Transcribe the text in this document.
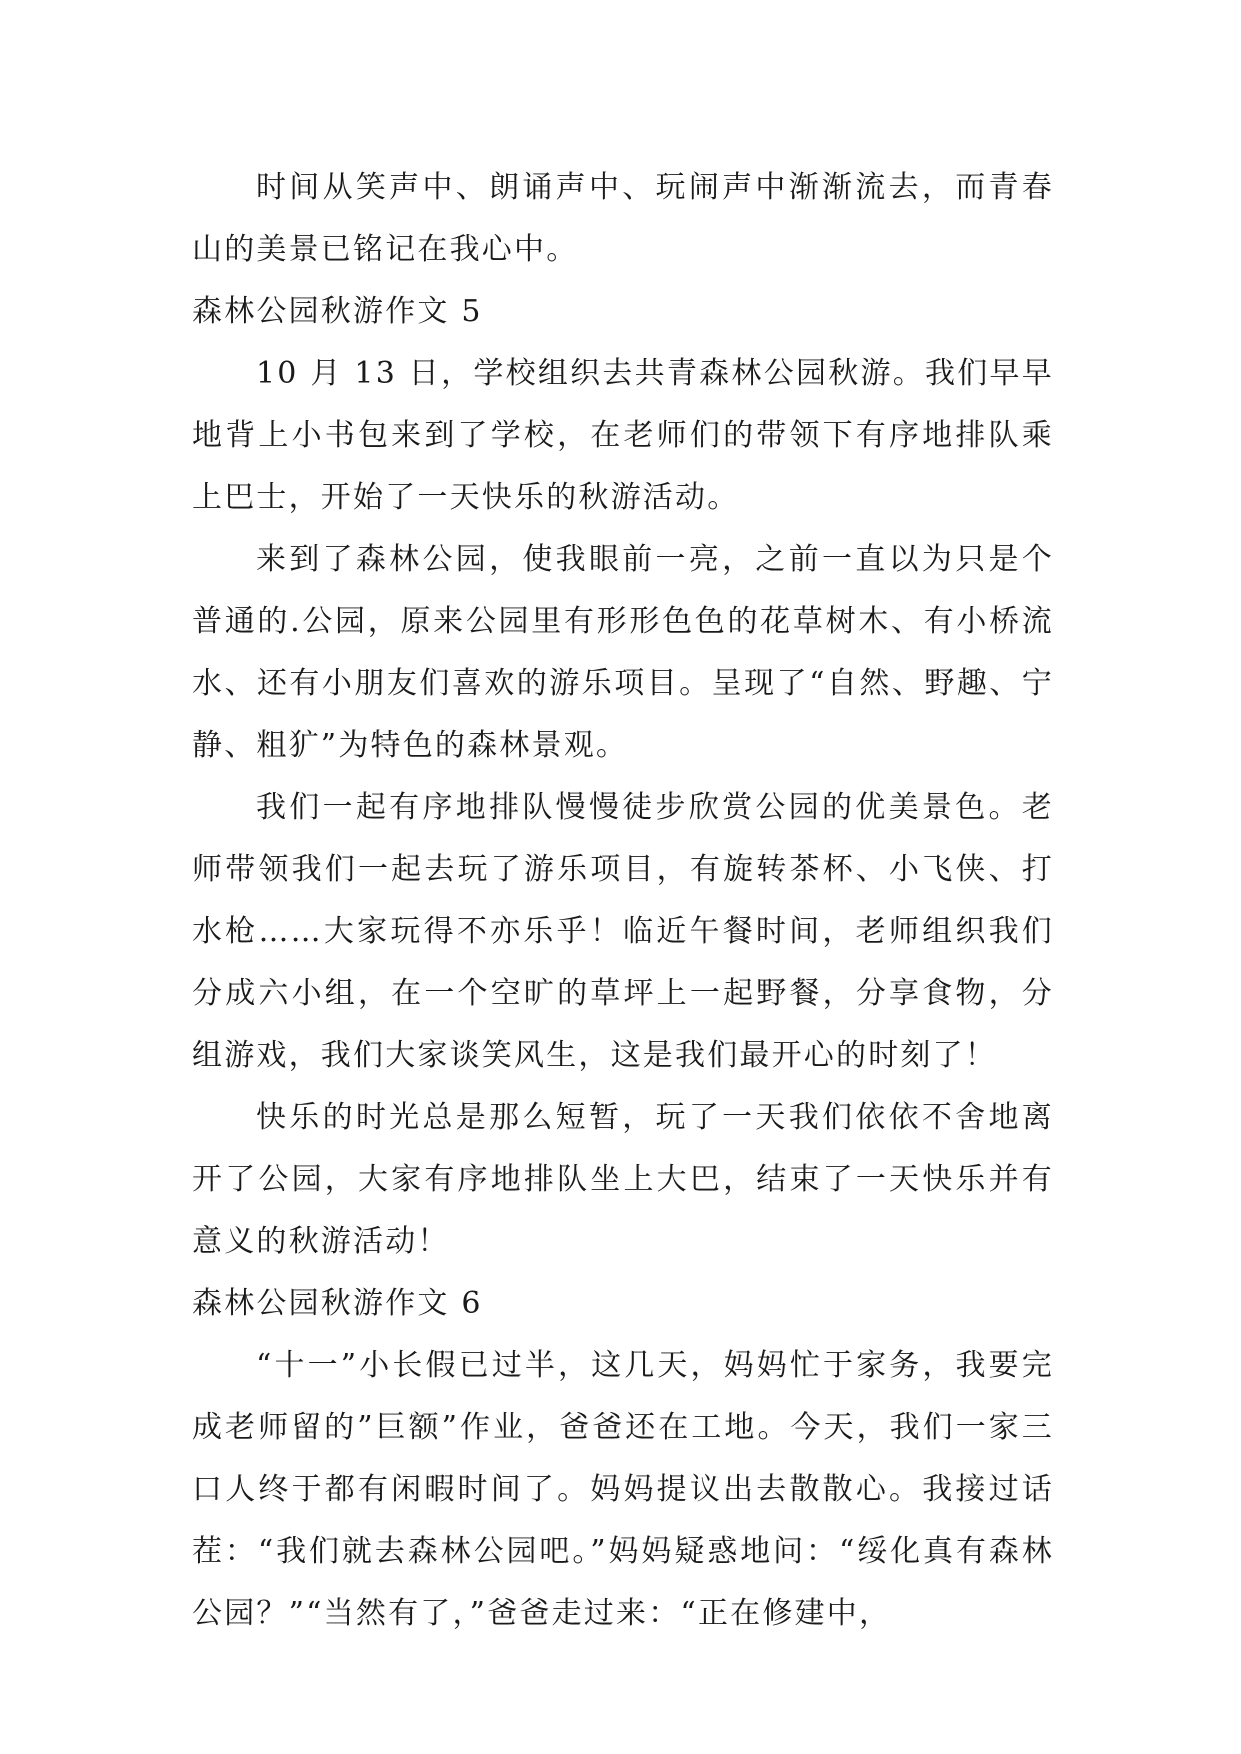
时间从笑声中、朗诵声中、玩闹声中渐渐流去，而青春山的美景已铭记在我心中。

森林公园秋游作文 5

10 月 13 日，学校组织去共青森林公园秋游。我们早早地背上小书包来到了学校，在老师们的带领下有序地排队乘上巴士，开始了一天快乐的秋游活动。

来到了森林公园，使我眼前一亮，之前一直以为只是个普通的.公园，原来公园里有形形色色的花草树木、有小桥流水、还有小朋友们喜欢的游乐项目。呈现了“自然、野趣、宁静、粗犷”为特色的森林景观。

我们一起有序地排队慢慢徒步欣赏公园的优美景色。老师带领我们一起去玩了游乐项目，有旋转茶杯、小飞侠、打水枪……大家玩得不亦乐乎！临近午餐时间，老师组织我们分成六小组，在一个空旷的草坪上一起野餐，分享食物，分组游戏，我们大家谈笑风生，这是我们最开心的时刻了！

快乐的时光总是那么短暂，玩了一天我们依依不舍地离开了公园，大家有序地排队坐上大巴，结束了一天快乐并有意义的秋游活动！

森林公园秋游作文 6

“十一”小长假已过半，这几天，妈妈忙于家务，我要完成老师留的”巨额”作业，爸爸还在工地。今天，我们一家三口人终于都有闲暇时间了。妈妈提议出去散散心。我接过话茬：“我们就去森林公园吧。”妈妈疑惑地问：“绥化真有森林公园？”“当然有了，”爸爸走过来：“正在修建中，
